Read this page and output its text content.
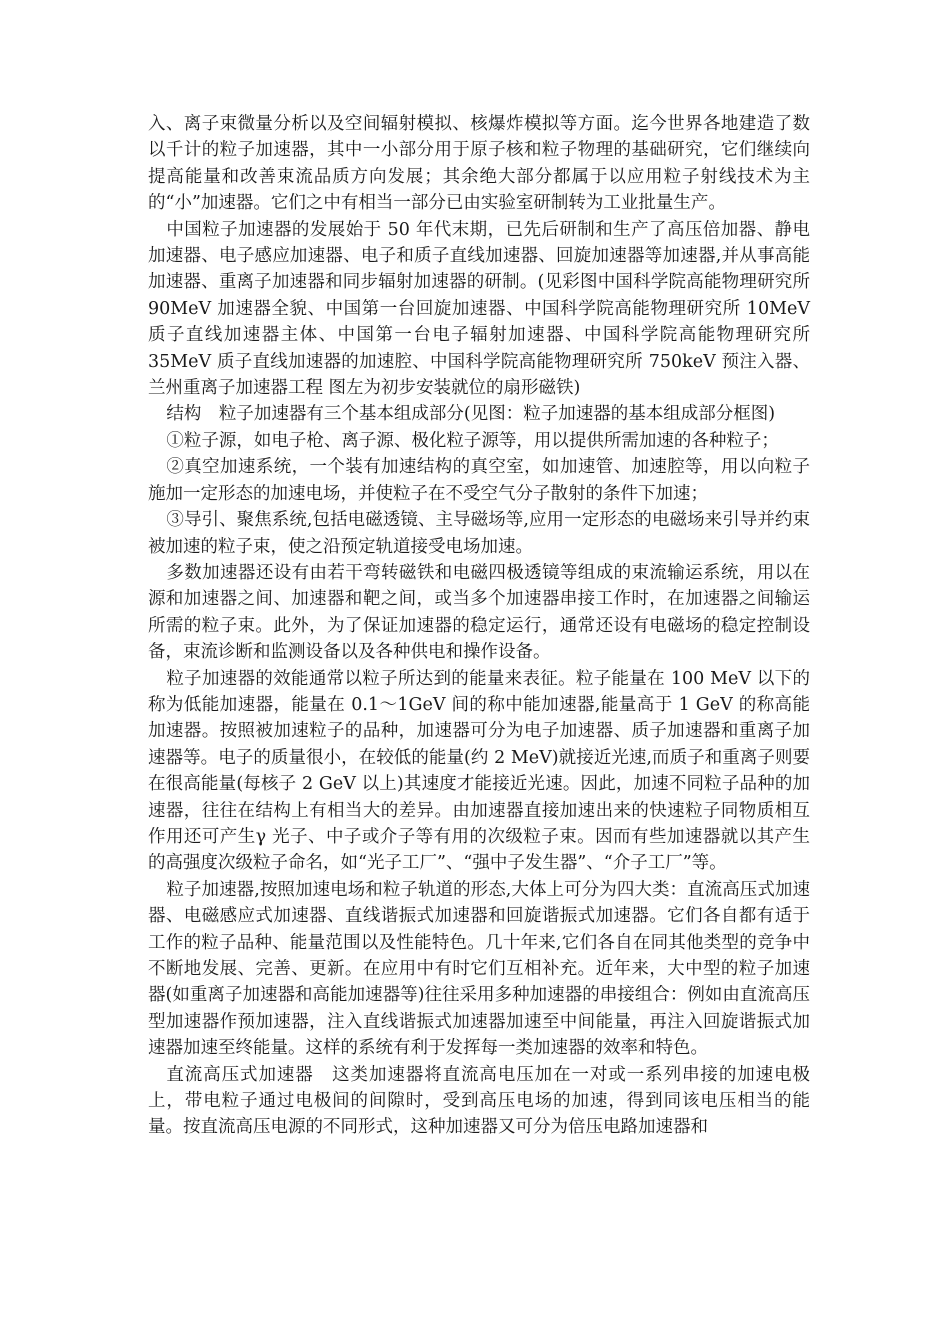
入、离子束微量分析以及空间辐射模拟、核爆炸模拟等方面。迄今世界各地建造了数以千计的粒子加速器，其中一小部分用于原子核和粒子物理的基础研究，它们继续向提高能量和改善束流品质方向发展；其余绝大部分都属于以应用粒子射线技术为主的“小”加速器。它们之中有相当一部分已由实验室研制转为工业批量生产。

中国粒子加速器的发展始于 50 年代末期，已先后研制和生产了高压倍加器、静电加速器、电子感应加速器、电子和质子直线加速器、回旋加速器等加速器,并从事高能加速器、重离子加速器和同步辐射加速器的研制。(见彩图中国科学院高能物理研究所 90MeV 加速器全貌、中国第一台回旋加速器、中国科学院高能物理研究所 10MeV 质子直线加速器主体、中国第一台电子辐射加速器、中国科学院高能物理研究所 35MeV 质子直线加速器的加速腔、中国科学院高能物理研究所 750keV 预注入器、兰州重离子加速器工程 图左为初步安装就位的扇形磁铁)

结构　粒子加速器有三个基本组成部分(见图：粒子加速器的基本组成部分框图)

①粒子源，如电子枪、离子源、极化粒子源等，用以提供所需加速的各种粒子；

②真空加速系统，一个装有加速结构的真空室，如加速管、加速腔等，用以向粒子施加一定形态的加速电场，并使粒子在不受空气分子散射的条件下加速；

③导引、聚焦系统,包括电磁透镜、主导磁场等,应用一定形态的电磁场来引导并约束被加速的粒子束，使之沿预定轨道接受电场加速。

多数加速器还设有由若干弯转磁铁和电磁四极透镜等组成的束流输运系统，用以在源和加速器之间、加速器和靶之间，或当多个加速器串接工作时，在加速器之间输运所需的粒子束。此外，为了保证加速器的稳定运行，通常还设有电磁场的稳定控制设备，束流诊断和监测设备以及各种供电和操作设备。

粒子加速器的效能通常以粒子所达到的能量来表征。粒子能量在 100 MeV 以下的称为低能加速器，能量在 0.1～1GeV 间的称中能加速器,能量高于 1 GeV 的称高能加速器。按照被加速粒子的品种，加速器可分为电子加速器、质子加速器和重离子加速器等。电子的质量很小，在较低的能量(约 2 MeV)就接近光速,而质子和重离子则要在很高能量(每核子 2 GeV 以上)其速度才能接近光速。因此，加速不同粒子品种的加速器，往往在结构上有相当大的差异。由加速器直接加速出来的快速粒子同物质相互作用还可产生γ 光子、中子或介子等有用的次级粒子束。因而有些加速器就以其产生的高强度次级粒子命名，如“光子工厂”、“强中子发生器”、“介子工厂”等。

粒子加速器,按照加速电场和粒子轨道的形态,大体上可分为四大类：直流高压式加速器、电磁感应式加速器、直线谐振式加速器和回旋谐振式加速器。它们各自都有适于工作的粒子品种、能量范围以及性能特色。几十年来,它们各自在同其他类型的竞争中不断地发展、完善、更新。在应用中有时它们互相补充。近年来，大中型的粒子加速器(如重离子加速器和高能加速器等)往往采用多种加速器的串接组合：例如由直流高压型加速器作预加速器，注入直线谐振式加速器加速至中间能量，再注入回旋谐振式加速器加速至终能量。这样的系统有利于发挥每一类加速器的效率和特色。

直流高压式加速器　这类加速器将直流高电压加在一对或一系列串接的加速电极上，带电粒子通过电极间的间隙时，受到高压电场的加速，得到同该电压相当的能量。按直流高压电源的不同形式，这种加速器又可分为倍压电路加速器和
